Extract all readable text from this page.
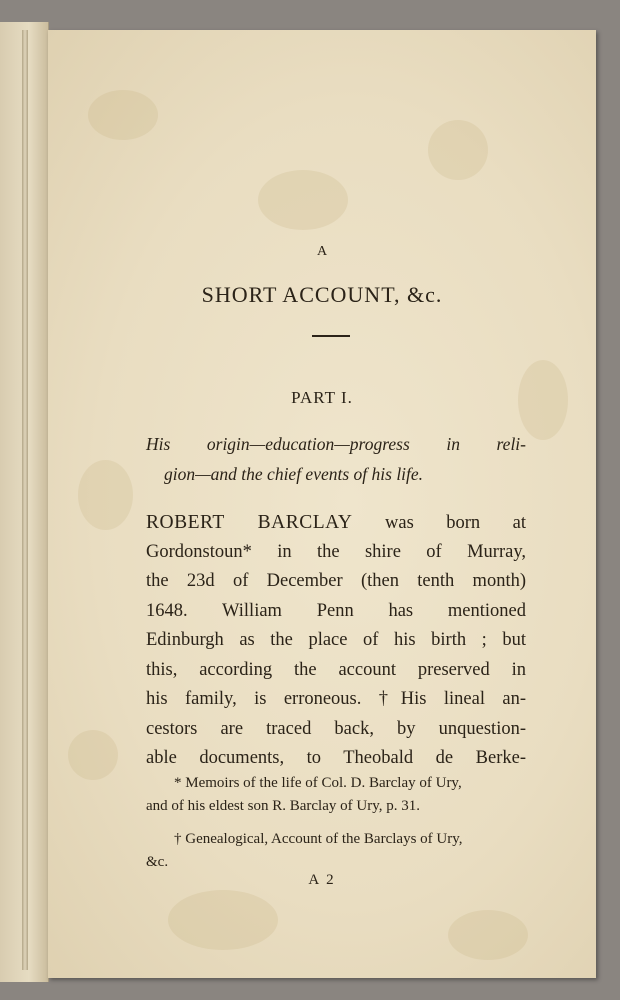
A
SHORT ACCOUNT, &c.
PART I.
His origin—education—progress in reli-
gion—and the chief events of his life.
ROBERT BARCLAY was born at
Gordonstoun* in the shire of Murray,
the 23d of December (then tenth month)
1648. William Penn has mentioned
Edinburgh as the place of his birth ; but
this, according the account preserved in
his family, is erroneous. †His lineal an-
cestors are traced back, by unquestion-
able documents, to Theobald de Berke-
* Memoirs of the life of Col. D. Barclay of Ury,
and of his eldest son R. Barclay of Ury, p. 31.
† Genealogical, Account of the Barclays of Ury,
&c.
A 2
